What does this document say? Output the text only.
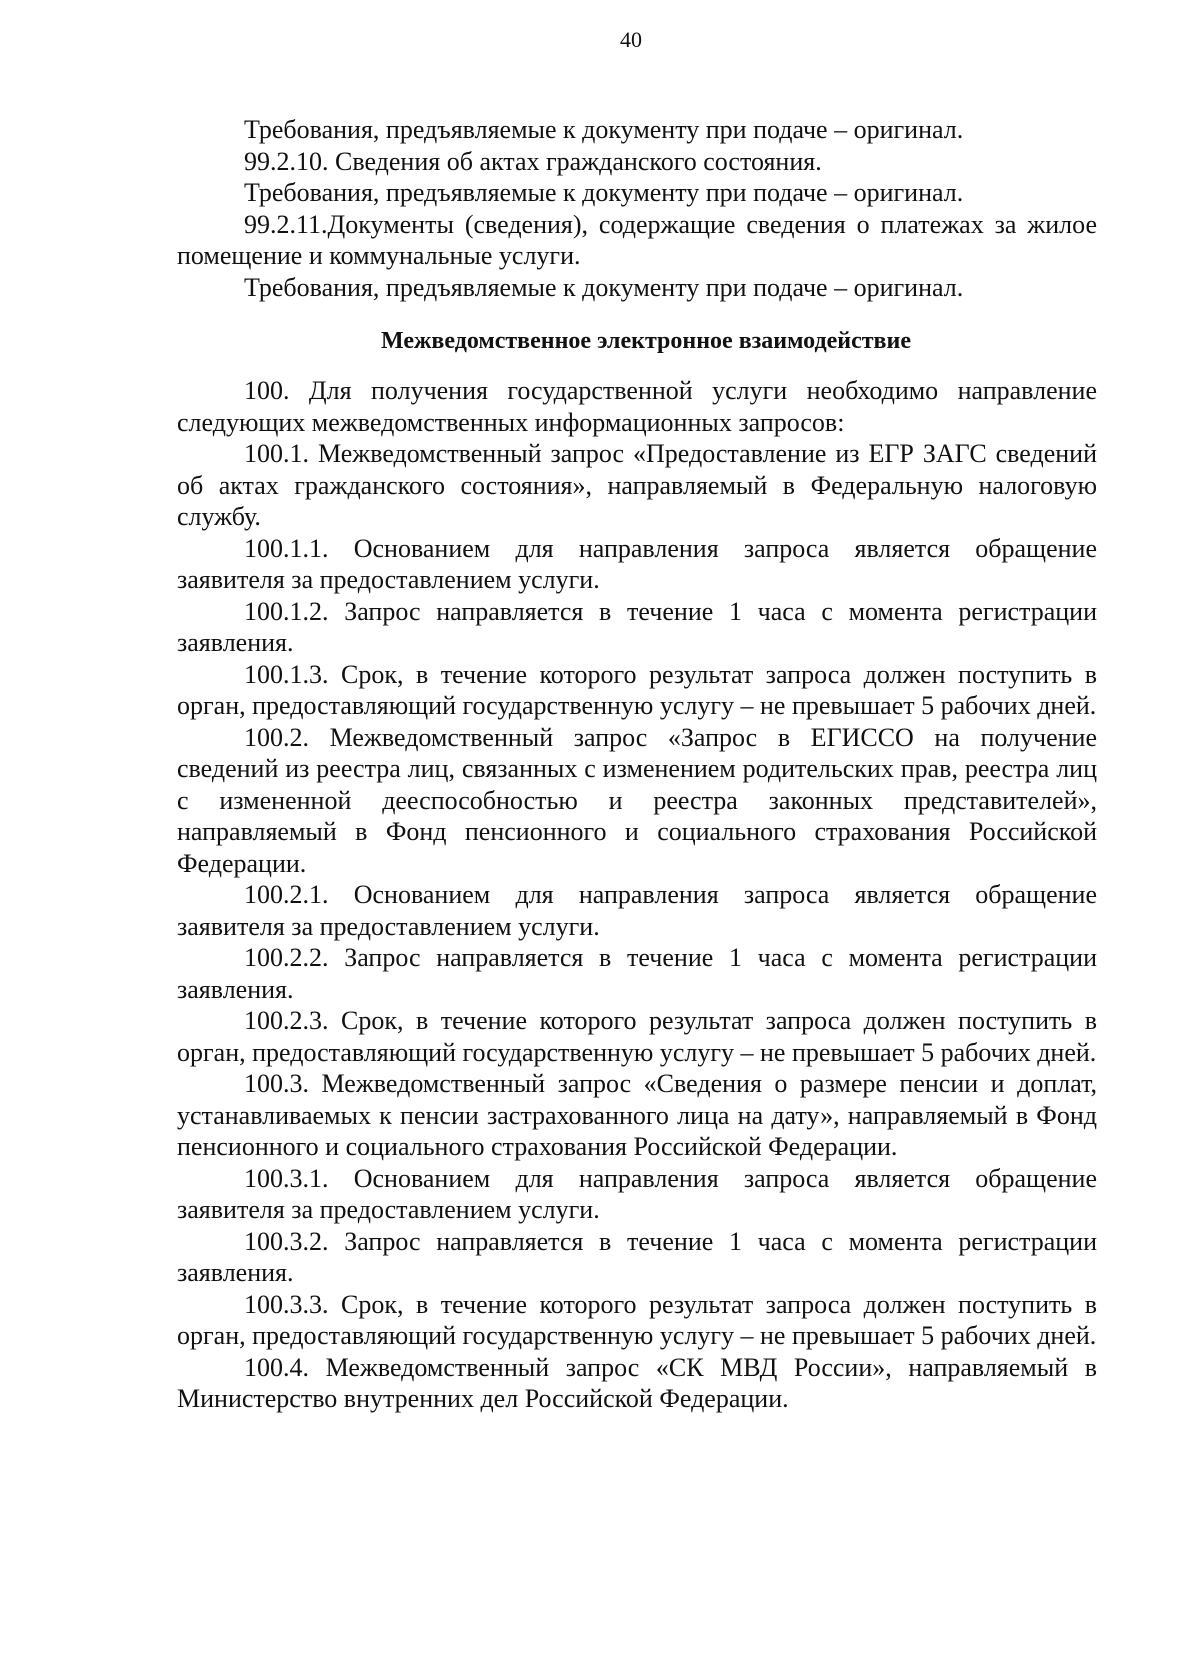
40

Требования, предъявляемые к документу при подаче – оригинал.

99.2.10. Сведения об актах гражданского состояния.

Требования, предъявляемые к документу при подаче – оригинал.

99.2.11.Документы (сведения), содержащие сведения о платежах за жилое помещение и коммунальные услуги.

Требования, предъявляемые к документу при подаче – оригинал.

Межведомственное электронное взаимодействие

100. Для получения государственной услуги необходимо направление следующих межведомственных информационных запросов:

100.1. Межведомственный запрос «Предоставление из ЕГР ЗАГС сведений об актах гражданского состояния», направляемый в Федеральную налоговую службу.

100.1.1. Основанием для направления запроса является обращение заявителя за предоставлением услуги.

100.1.2. Запрос направляется в течение 1 часа с момента регистрации заявления.

100.1.3. Срок, в течение которого результат запроса должен поступить в орган, предоставляющий государственную услугу – не превышает 5 рабочих дней.

100.2. Межведомственный запрос «Запрос в ЕГИССО на получение сведений из реестра лиц, связанных с изменением родительских прав, реестра лиц с измененной дееспособностью и реестра законных представителей», направляемый в Фонд пенсионного и социального страхования Российской Федерации.

100.2.1. Основанием для направления запроса является обращение заявителя за предоставлением услуги.

100.2.2. Запрос направляется в течение 1 часа с момента регистрации заявления.

100.2.3. Срок, в течение которого результат запроса должен поступить в орган, предоставляющий государственную услугу – не превышает 5 рабочих дней.

100.3. Межведомственный запрос «Сведения о размере пенсии и доплат, устанавливаемых к пенсии застрахованного лица на дату», направляемый в Фонд пенсионного и социального страхования Российской Федерации.

100.3.1. Основанием для направления запроса является обращение заявителя за предоставлением услуги.

100.3.2. Запрос направляется в течение 1 часа с момента регистрации заявления.

100.3.3. Срок, в течение которого результат запроса должен поступить в орган, предоставляющий государственную услугу – не превышает 5 рабочих дней.

100.4. Межведомственный запрос «СК МВД России», направляемый в Министерство внутренних дел Российской Федерации.
